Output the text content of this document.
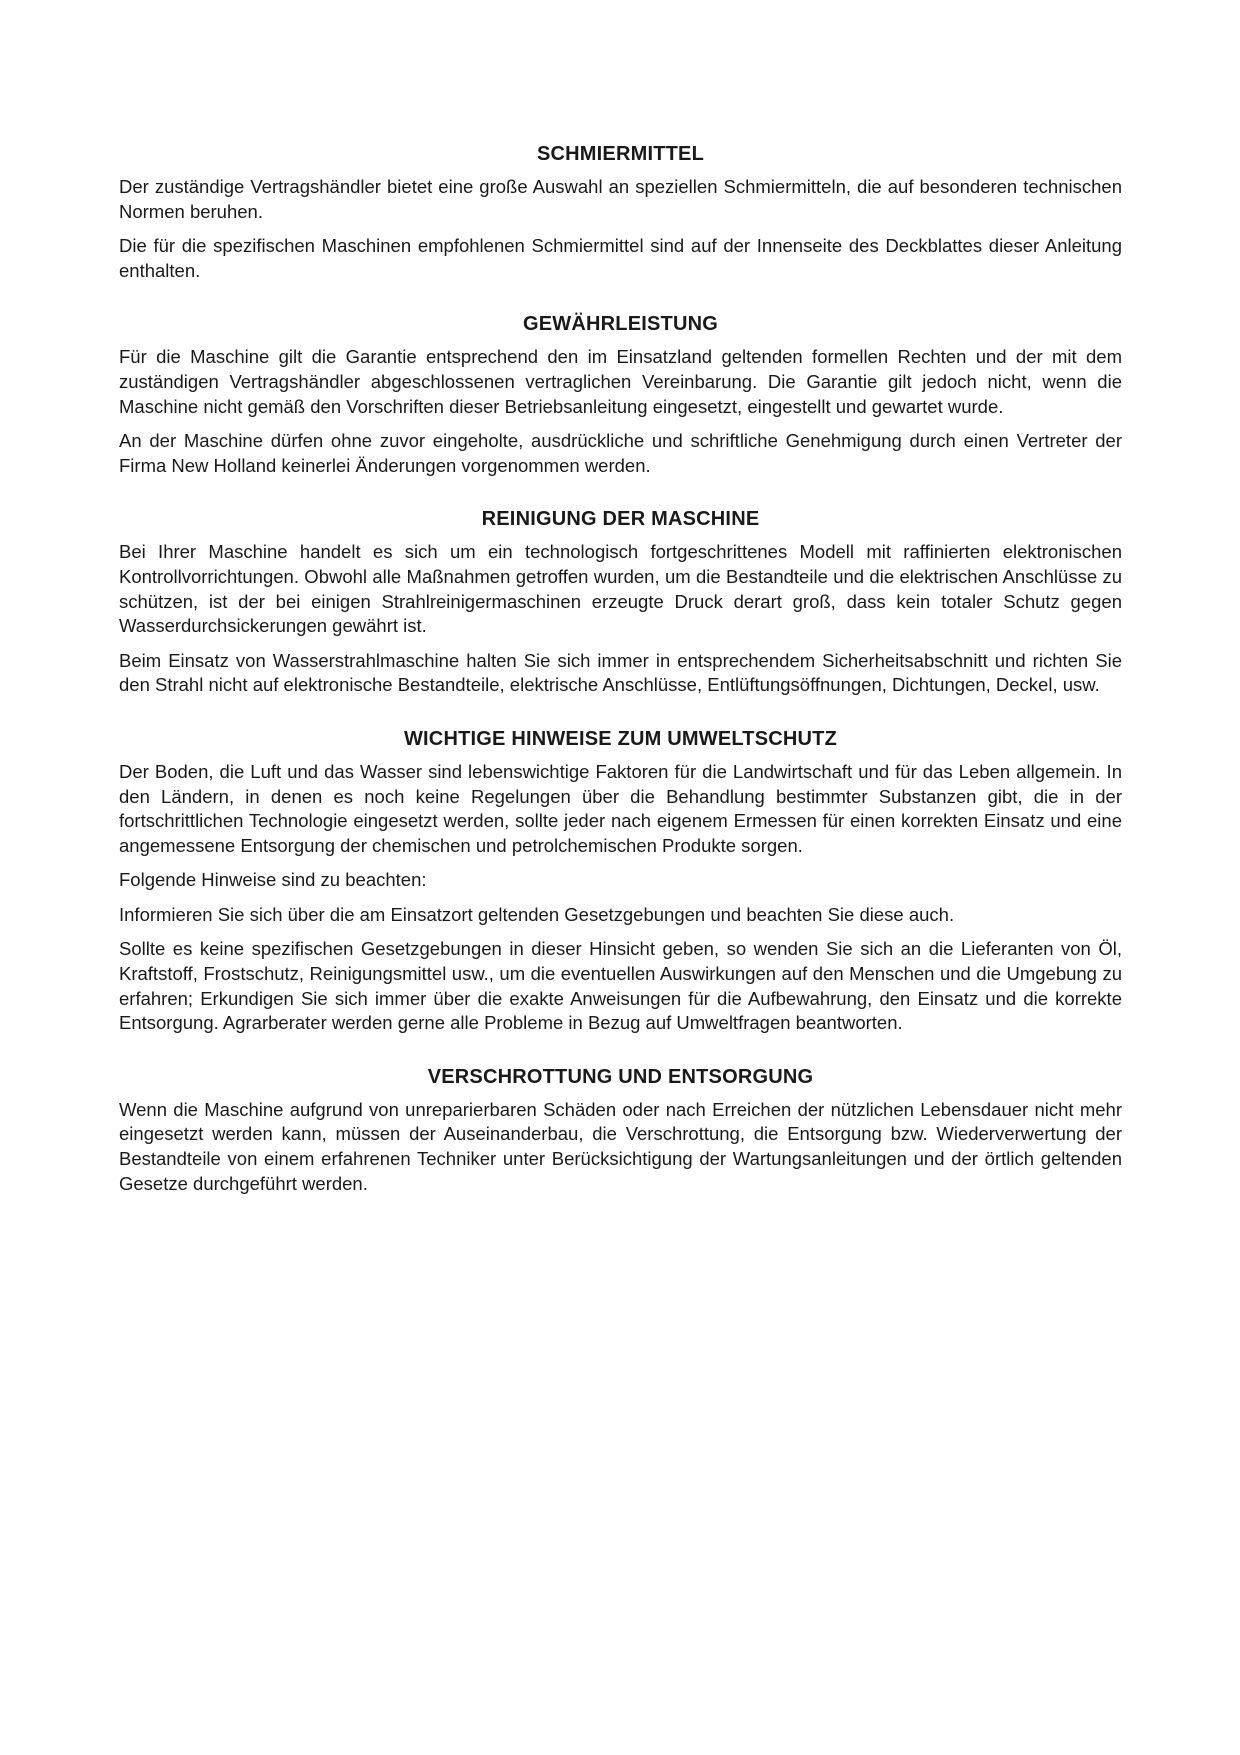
SCHMIERMITTEL

Der zuständige Vertragshändler bietet eine große Auswahl an speziellen Schmiermitteln, die auf besonderen technischen Normen beruhen.

Die für die spezifischen Maschinen empfohlenen Schmiermittel sind auf der Innenseite des Deckblattes dieser Anleitung enthalten.

GEWÄHRLEISTUNG

Für die Maschine gilt die Garantie entsprechend den im Einsatzland geltenden formellen Rechten und der mit dem zuständigen Vertragshändler abgeschlossenen vertraglichen Vereinbarung. Die Garantie gilt jedoch nicht, wenn die Maschine nicht gemäß den Vorschriften dieser Betriebsanleitung eingesetzt, eingestellt und gewartet wurde.

An der Maschine dürfen ohne zuvor eingeholte, ausdrückliche und schriftliche Genehmigung durch einen Vertreter der Firma New Holland keinerlei Änderungen vorgenommen werden.

REINIGUNG DER MASCHINE

Bei Ihrer Maschine handelt es sich um ein technologisch fortgeschrittenes Modell mit raffinierten elektronischen Kontrollvorrichtungen. Obwohl alle Maßnahmen getroffen wurden, um die Bestandteile und die elektrischen Anschlüsse zu schützen, ist der bei einigen Strahlreinigermaschinen erzeugte Druck derart groß, dass kein totaler Schutz gegen Wasserdurchsickerungen gewährt ist.

Beim Einsatz von Wasserstrahlmaschine halten Sie sich immer in entsprechendem Sicherheitsabschnitt und richten Sie den Strahl nicht auf elektronische Bestandteile, elektrische Anschlüsse, Entlüftungsöffnungen, Dichtungen, Deckel, usw.

WICHTIGE HINWEISE ZUM UMWELTSCHUTZ

Der Boden, die Luft und das Wasser sind lebenswichtige Faktoren für die Landwirtschaft und für das Leben allgemein. In den Ländern, in denen es noch keine Regelungen über die Behandlung bestimmter Substanzen gibt, die in der fortschrittlichen Technologie eingesetzt werden, sollte jeder nach eigenem Ermessen für einen korrekten Einsatz und eine angemessene Entsorgung der chemischen und petrolchemischen Produkte sorgen.

Folgende Hinweise sind zu beachten:

Informieren Sie sich über die am Einsatzort geltenden Gesetzgebungen und beachten Sie diese auch.

Sollte es keine spezifischen Gesetzgebungen in dieser Hinsicht geben, so wenden Sie sich an die Lieferanten von Öl, Kraftstoff, Frostschutz, Reinigungsmittel usw., um die eventuellen Auswirkungen auf den Menschen und die Umgebung zu erfahren; Erkundigen Sie sich immer über die exakte Anweisungen für die Aufbewahrung, den Einsatz und die korrekte Entsorgung. Agrarberater werden gerne alle Probleme in Bezug auf Umweltfragen beantworten.

VERSCHROTTUNG UND ENTSORGUNG

Wenn die Maschine aufgrund von unreparierbaren Schäden oder nach Erreichen der nützlichen Lebensdauer nicht mehr eingesetzt werden kann, müssen der Auseinanderbau, die Verschrottung, die Entsorgung bzw. Wiederverwertung der Bestandteile von einem erfahrenen Techniker unter Berücksichtigung der Wartungsanleitungen und der örtlich geltenden Gesetze durchgeführt werden.
